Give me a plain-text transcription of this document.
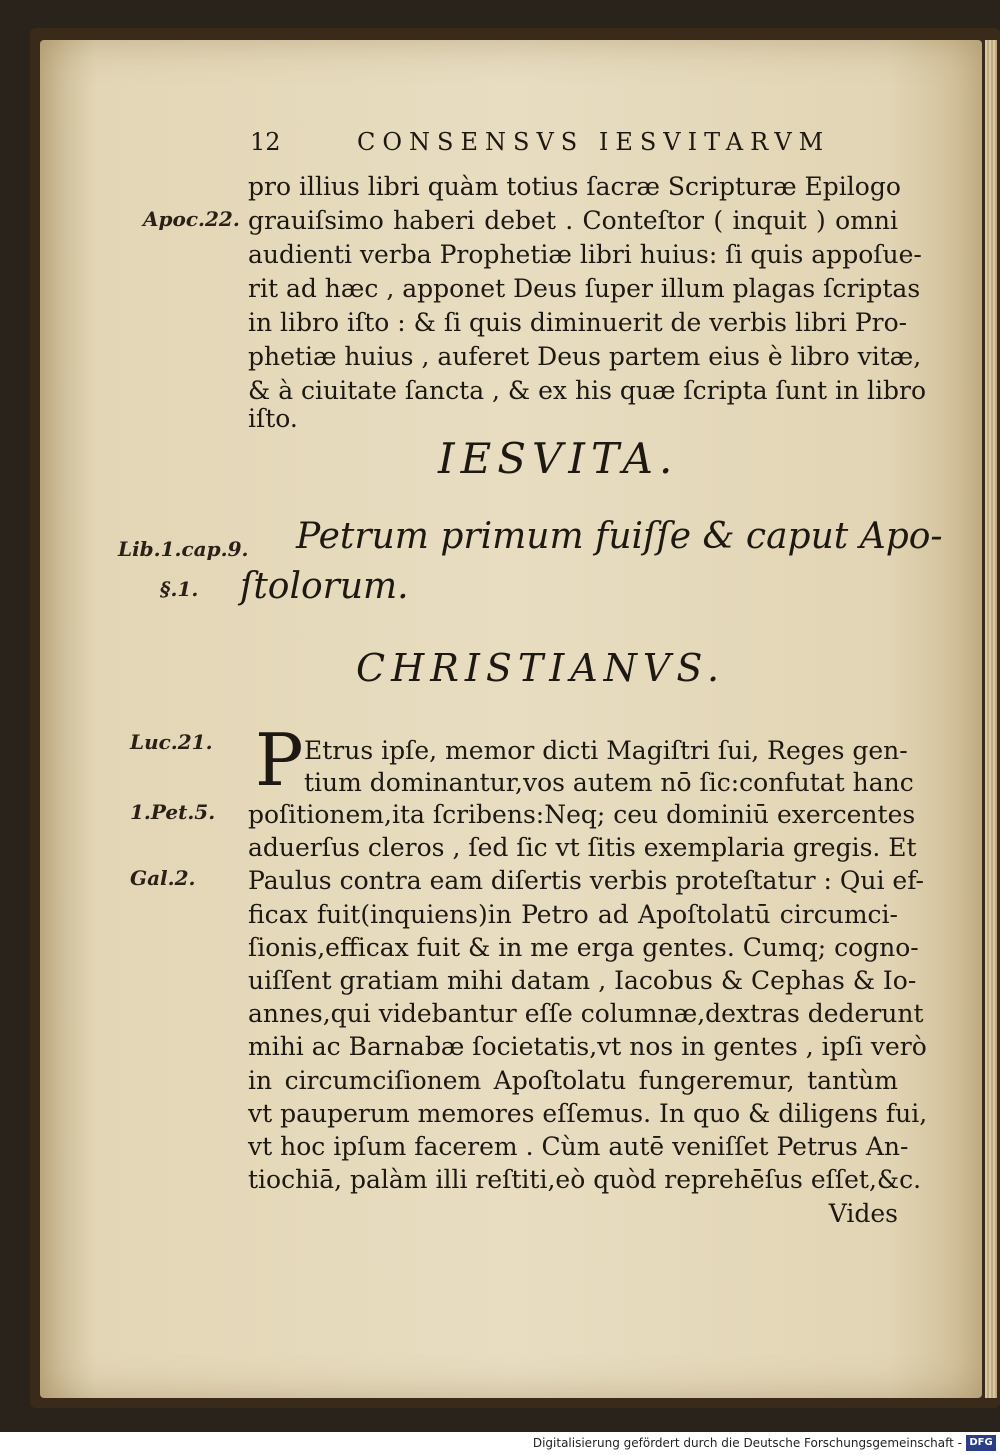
12	CONSENSVS IESVITARVM
Apoc.22.
Lib.1.cap.9.
§.1.
Luc.21.
1.Pet.5.
Gal.2.
pro illius libri quàm totius ſacræ Scripturæ Epilogo
grauiſsimo haberi debet . Conteſtor ( inquit ) omni
audienti verba Prophetiæ libri huius: ſi quis appoſue-
rit ad hæc , apponet Deus ſuper illum plagas ſcriptas
in libro iſto : & ſi quis diminuerit de verbis libri Pro-
phetiæ huius , auferet Deus partem eius è libro vitæ,
& à ciuitate ſancta , & ex his quæ ſcripta ſunt in libro
iſto.
IESVITA.
Petrum primum fuiſſe & caput Apo-
ſtolorum.
CHRISTIANVS.
P Etrus ipſe, memor dicti Magiſtri ſui, Reges gen-
tium dominantur,vos autem nō ſic:confutat hanc
poſitionem,ita ſcribens:Neq; ceu dominiū exercentes
aduerſus cleros , ſed ſic vt ſitis exemplaria gregis. Et
Paulus contra eam diſertis verbis proteſtatur : Qui ef-
ficax fuit(inquiens)in Petro ad Apoſtolatū circumci-
ſionis,efficax fuit & in me erga gentes. Cumq; cogno-
uiſſent gratiam mihi datam , Iacobus & Cephas & Io-
annes,qui videbantur eſſe columnæ,dextras dederunt
mihi ac Barnabæ ſocietatis,vt nos in gentes , ipſi verò
in circumciſionem Apoſtolatu fungeremur, tantùm
vt pauperum memores eſſemus. In quo & diligens fui,
vt hoc ipſum facerem . Cùm autē veniſſet Petrus An-
tiochiā, palàm illi reſtiti,eò quòd reprehēſus eſſet,&c.
Vides
Digitalisierung gefördert durch die Deutsche Forschungsgemeinschaft - DFG
